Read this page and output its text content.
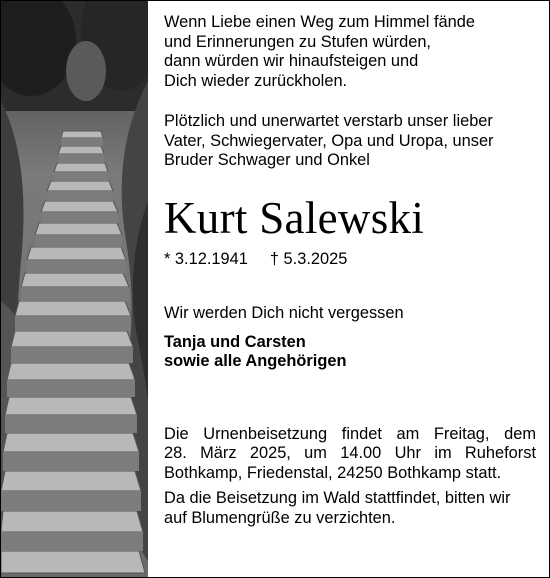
Wenn Liebe einen Weg zum Himmel fände

und Erinnerungen zu Stufen würden,

dann würden wir hinaufsteigen und

Dich wieder zurückholen.

Plötzlich und unerwartet verstarb unser lieber

Vater, Schwiegervater, Opa und Uropa, unser

Bruder Schwager und Onkel

Kurt Salewski
* 3.12.1941 † 5.3.2025
Wir werden Dich nicht vergessen

Tanja und Carsten

sowie alle Angehörigen

Die Urnenbeisetzung findet am Freitag, dem

28. März 2025, um 14.00 Uhr im Ruheforst

Bothkamp, Friedenstal, 24250 Bothkamp statt.

Da die Beisetzung im Wald stattfindet, bitten wir

auf Blumengrüße zu verzichten.
